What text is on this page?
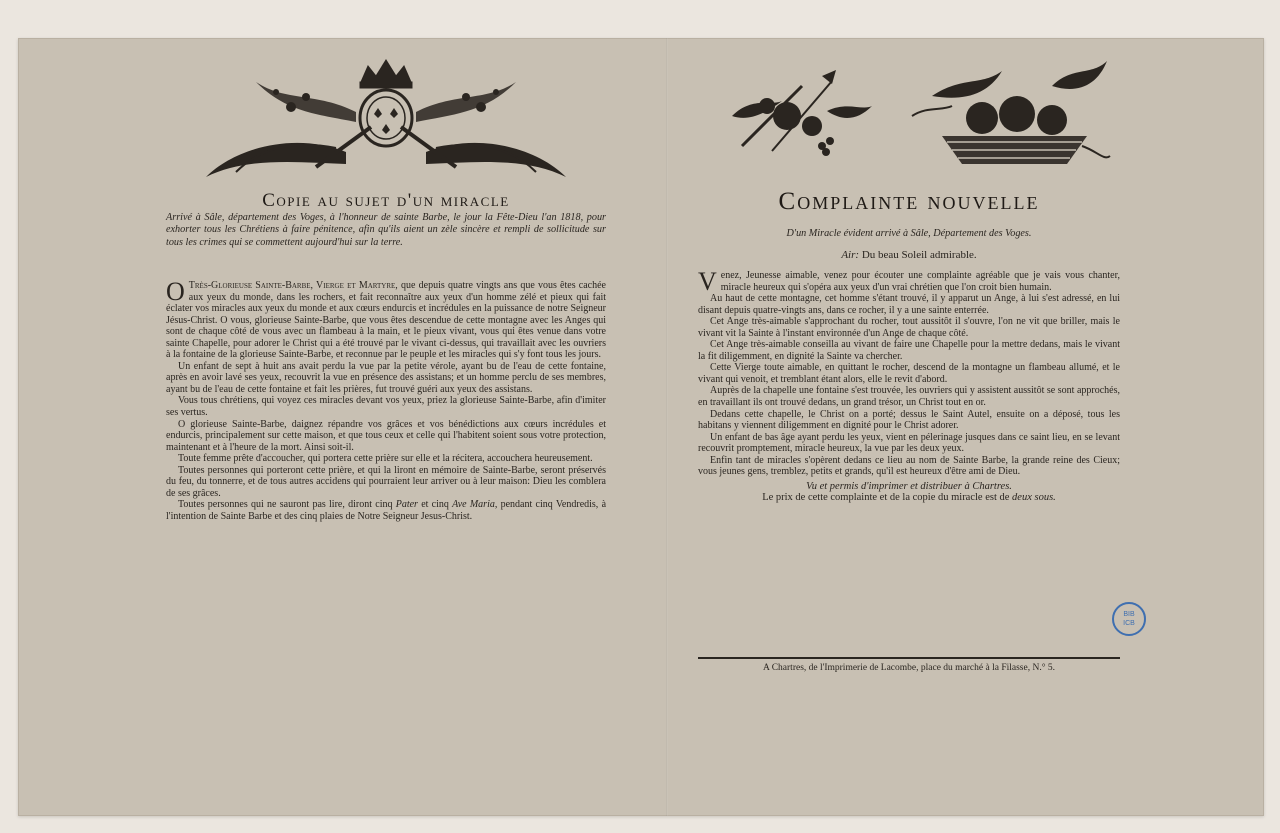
Copie au sujet d'un miracle
Arrivé à Sâle, département des Voges, à l'honneur de sainte Barbe, le jour la Fête-Dieu l'an 1818, pour exhorter tous les Chrétiens à faire pénitence, afin qu'ils aient un zèle sincère et rempli de sollicitude sur tous les crimes qui se commettent aujourd'hui sur la terre.

O Très-Glorieuse Sainte-Barbe, Vierge et Martyre, que depuis quatre vingts ans que vous êtes cachée aux yeux du monde, dans les rochers, et fait reconnaître aux yeux d'un homme zélé et pieux qui fait éclater vos miracles aux yeux du monde et aux cœurs endurcis et incrédules en la puissance de notre Seigneur Jésus-Christ. O vous, glorieuse Sainte-Barbe, que vous êtes descendue de cette montagne avec les Anges qui sont de chaque côté de vous avec un flambeau à la main, et le pieux vivant, vous qui êtes venue dans votre sainte Chapelle, pour adorer le Christ qui a été trouvé par le vivant ci-dessus, qui travaillait avec les ouvriers à la fontaine de la glorieuse Sainte-Barbe, et reconnue par le peuple et les miracles qui s'y font tous les jours.

Un enfant de sept à huit ans avait perdu la vue par la petite vérole, ayant bu de l'eau de cette fontaine, après en avoir lavé ses yeux, recouvrit la vue en présence des assistans; et un homme perclu de ses membres, ayant bu de l'eau de cette fontaine et fait les prières, fut trouvé guéri aux yeux des assistans.

Vous tous chrétiens, qui voyez ces miracles devant vos yeux, priez la glorieuse Sainte-Barbe, afin d'imiter ses vertus.

O glorieuse Sainte-Barbe, daignez répandre vos grâces et vos bénédictions aux cœurs incrédules et endurcis, principalement sur cette maison, et que tous ceux et celle qui l'habitent soient sous votre protection, maintenant et à l'heure de la mort. Ainsi soit-il.

Toute femme prête d'accoucher, qui portera cette prière sur elle et la récitera, accouchera heureusement.

Toutes personnes qui porteront cette prière, et qui la liront en mémoire de Sainte-Barbe, seront préservés du feu, du tonnerre, et de tous autres accidens qui pourraient leur arriver ou à leur maison: Dieu les comblera de ses grâces.

Toutes personnes qui ne sauront pas lire, diront cinq Pater et cinq Ave Maria, pendant cinq Vendredis, à l'intention de Sainte Barbe et des cinq plaies de Notre Seigneur Jesus-Christ.

Complainte nouvelle
D'un Miracle évident arrivé à Sâle, Département des Voges.
Air: Du beau Soleil admirable.

Venez, Jeunesse aimable, venez pour écouter une complainte agréable que je vais vous chanter, miracle heureux qui s'opéra aux yeux d'un vrai chrétien que l'on croit bien humain.

Au haut de cette montagne, cet homme s'étant trouvé, il y apparut un Ange, à lui s'est adressé, en lui disant depuis quatre-vingts ans, dans ce rocher, il y a une sainte enterrée.

Cet Ange très-aimable s'approchant du rocher, tout aussitôt il s'ouvre, l'on ne vit que briller, mais le vivant vit la Sainte à l'instant environnée d'un Ange de chaque côté.

Cet Ange très-aimable conseilla au vivant de faire une Chapelle pour la mettre dedans, mais le vivant la fit diligemment, en dignité la Sainte va chercher.

Cette Vierge toute aimable, en quittant le rocher, descend de la montagne un flambeau allumé, et le vivant qui venoit, et tremblant étant alors, elle le revit d'abord.

Auprès de la chapelle une fontaine s'est trouvée, les ouvriers qui y assistent aussitôt se sont approchés, en travaillant ils ont trouvé dedans, un grand trésor, un Christ tout en or.

Dedans cette chapelle, le Christ on a porté; dessus le Saint Autel, ensuite on a déposé, tous les habitans y viennent diligemment en dignité pour le Christ adorer.

Un enfant de bas âge ayant perdu les yeux, vient en pélerinage jusques dans ce saint lieu, en se levant recouvrit promptement, miracle heureux, la vue par les deux yeux.

Enfin tant de miracles s'opèrent dedans ce lieu au nom de Sainte Barbe, la grande reine des Cieux; vous jeunes gens, tremblez, petits et grands, qu'il est heureux d'être ami de Dieu.

Vu et permis d'imprimer et distribuer à Chartres.

Le prix de cette complainte et de la copie du miracle est de deux sous.

A Chartres, de l'Imprimerie de Lacombe, place du marché à la Filasse, N.° 5.
BIB
ICB
